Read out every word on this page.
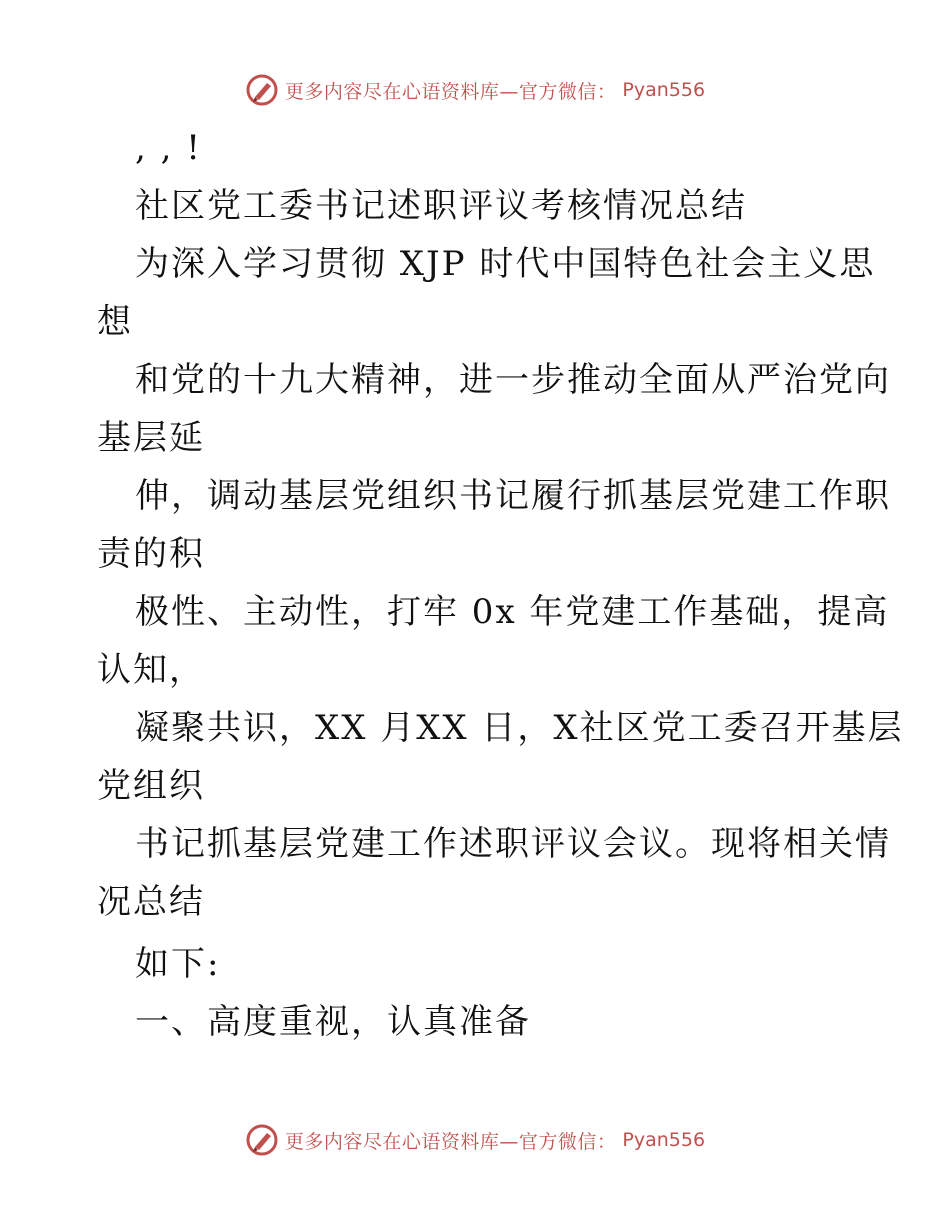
更多内容尽在心语资料库—官方微信： Pyan556
, , !
社区党工委书记述职评议考核情况总结
为深入学习贯彻 XJP 时代中国特色社会主义思
想
和党的十九大精神，进一步推动全面从严治党向
基层延
伸，调动基层党组织书记履行抓基层党建工作职
责的积
极性、主动性，打牢 0x 年党建工作基础，提高
认知，
凝聚共识，XX 月XX 日，X社区党工委召开基层
党组织
书记抓基层党建工作述职评议会议。现将相关情
况总结
如下:
一、高度重视，认真准备
更多内容尽在心语资料库—官方微信： Pyan556
